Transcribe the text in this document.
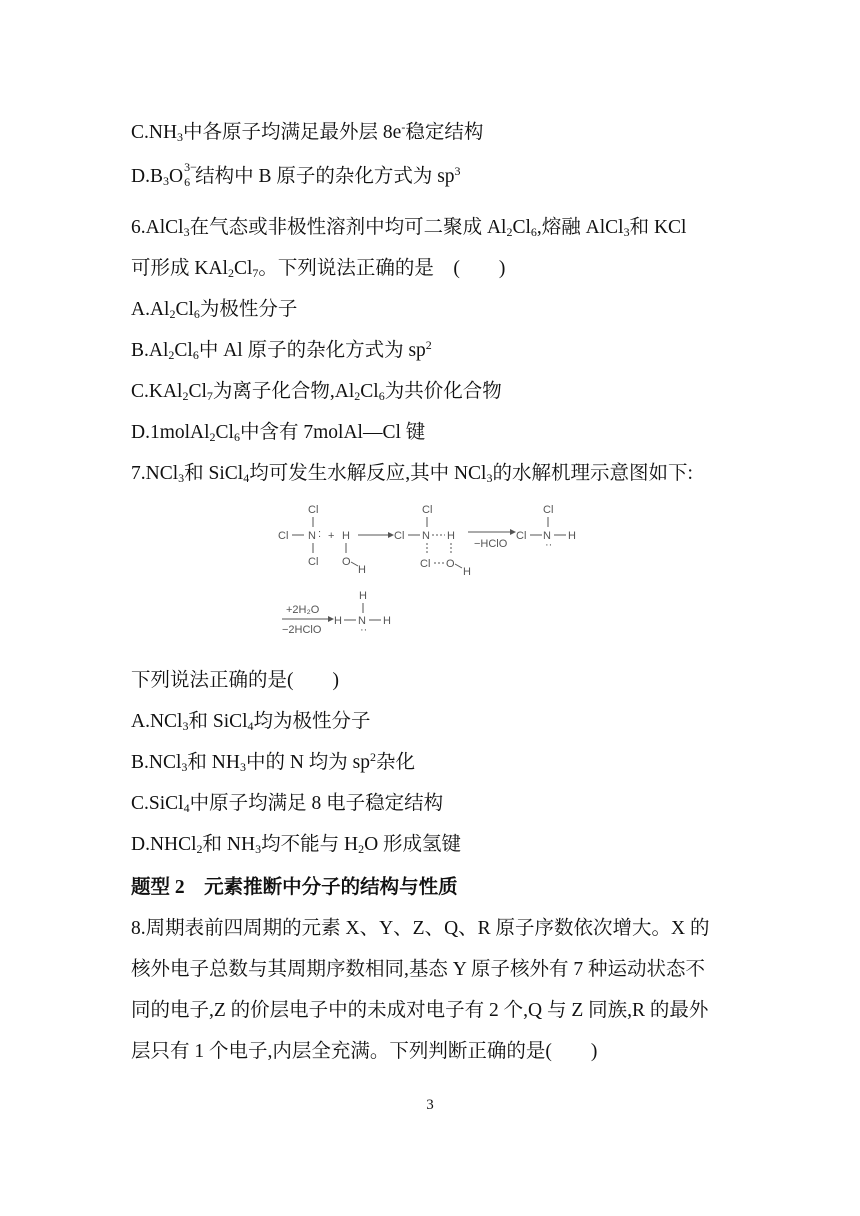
$C.NH_3$中各原子均满足最外层 8e-稳定结构
$D.B_3O$ 3−
6 结构中 B 原子的杂化方式为 $sp^3$
6.AlCl$_3$在气态或非极性溶剂中均可二聚成 $Al_2Cl_6$,熔融 AlCl$_3$和 KCl
可形成 $KAl_2Cl_7$。下列说法正确的是　(　　)
$A.Al_2Cl_6$为极性分子
$B.Al_2Cl_6$中 Al 原子的杂化方式为 $sp^2$
$C.KAl_2Cl_7$为离子化合物$,Al_2Cl_6$为共价化合物
$D.1molAl_2Cl_6$中含有 7molAl—Cl 键
7.NCl$_3$和 SiCl$_4$均可发生水解反应,其中 NCl$_3$的水解机理示意图如下:
Cl
Cl N :
Cl
+ H
O
H
Cl
Cl N H
Cl O
H
−HClO
Cl
Cl N
··
H
+2H₂O
−2HClO
H
H N
··
H
下列说法正确的是(　　)
A.NCl$_3$和 SiCl$_4$均为极性分子
B.NCl$_3$和 $NH_3$中的 N 均为 $sp^2$杂化
C.SiCl$_4$中原子均满足 8 电子稳定结构
D.NHCl$_2$和 $NH_3$均不能与 $H_2O$ 形成氢键
题型 2　元素推断中分子的结构与性质
8.周期表前四周期的元素 X、Y、Z、Q、R 原子序数依次增大。X 的
核外电子总数与其周期序数相同,基态 Y 原子核外有 7 种运动状态不
同的电子,Z 的价层电子中的未成对电子有 2 个,Q 与 Z 同族,R 的最外
层只有 1 个电子,内层全充满。下列判断正确的是(　　)
3
